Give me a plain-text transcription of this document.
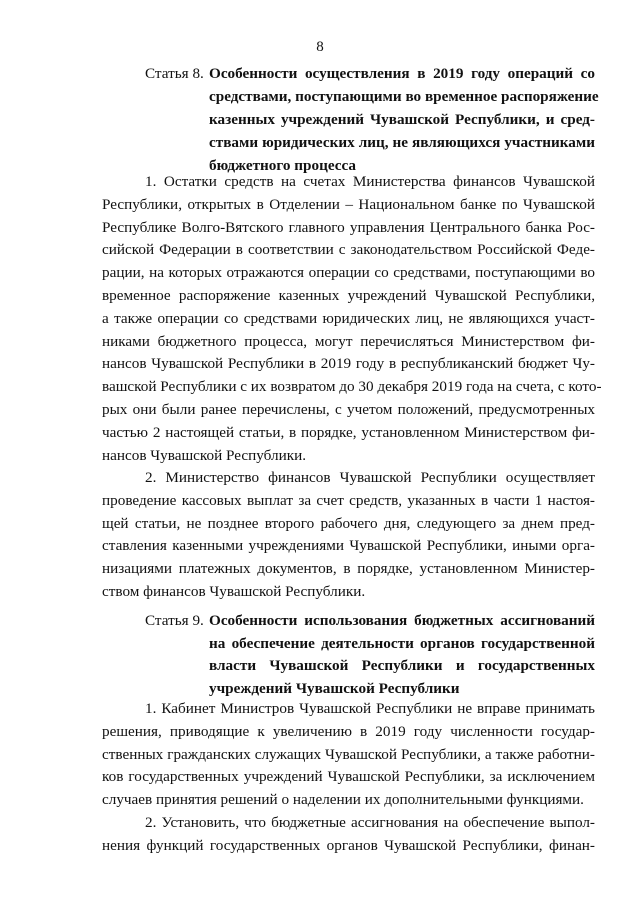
8
Статья 8. Особенности осуществления в 2019 году операций со
средствами, поступающими во временное распоряжение
казенных учреждений Чувашской Республики, и сред-
ствами юридических лиц, не являющихся участниками
бюджетного процесса
1. Остатки средств на счетах Министерства финансов Чувашской
Республики, открытых в Отделении – Национальном банке по Чувашской
Республике Волго-Вятского главного управления Центрального банка Рос-
сийской Федерации в соответствии с законодательством Российской Феде-
рации, на которых отражаются операции со средствами, поступающими во
временное распоряжение казенных учреждений Чувашской Республики,
а также операции со средствами юридических лиц, не являющихся участ-
никами бюджетного процесса, могут перечисляться Министерством фи-
нансов Чувашской Республики в 2019 году в республиканский бюджет Чу-
вашской Республики с их возвратом до 30 декабря 2019 года на счета, с кото-
рых они были ранее перечислены, с учетом положений, предусмотренных
частью 2 настоящей статьи, в порядке, установленном Министерством фи-
нансов Чувашской Республики.
2. Министерство финансов Чувашской Республики осуществляет
проведение кассовых выплат за счет средств, указанных в части 1 настоя-
щей статьи, не позднее второго рабочего дня, следующего за днем пред-
ставления казенными учреждениями Чувашской Республики, иными орга-
низациями платежных документов, в порядке, установленном Министер-
ством финансов Чувашской Республики.
Статья 9. Особенности использования бюджетных ассигнований
на обеспечение деятельности органов государственной
власти Чувашской Республики и государственных
учреждений Чувашской Республики
1. Кабинет Министров Чувашской Республики не вправе принимать
решения, приводящие к увеличению в 2019 году численности государ-
ственных гражданских служащих Чувашской Республики, а также работни-
ков государственных учреждений Чувашской Республики, за исключением
случаев принятия решений о наделении их дополнительными функциями.
2. Установить, что бюджетные ассигнования на обеспечение выпол-
нения функций государственных органов Чувашской Республики, финан-
